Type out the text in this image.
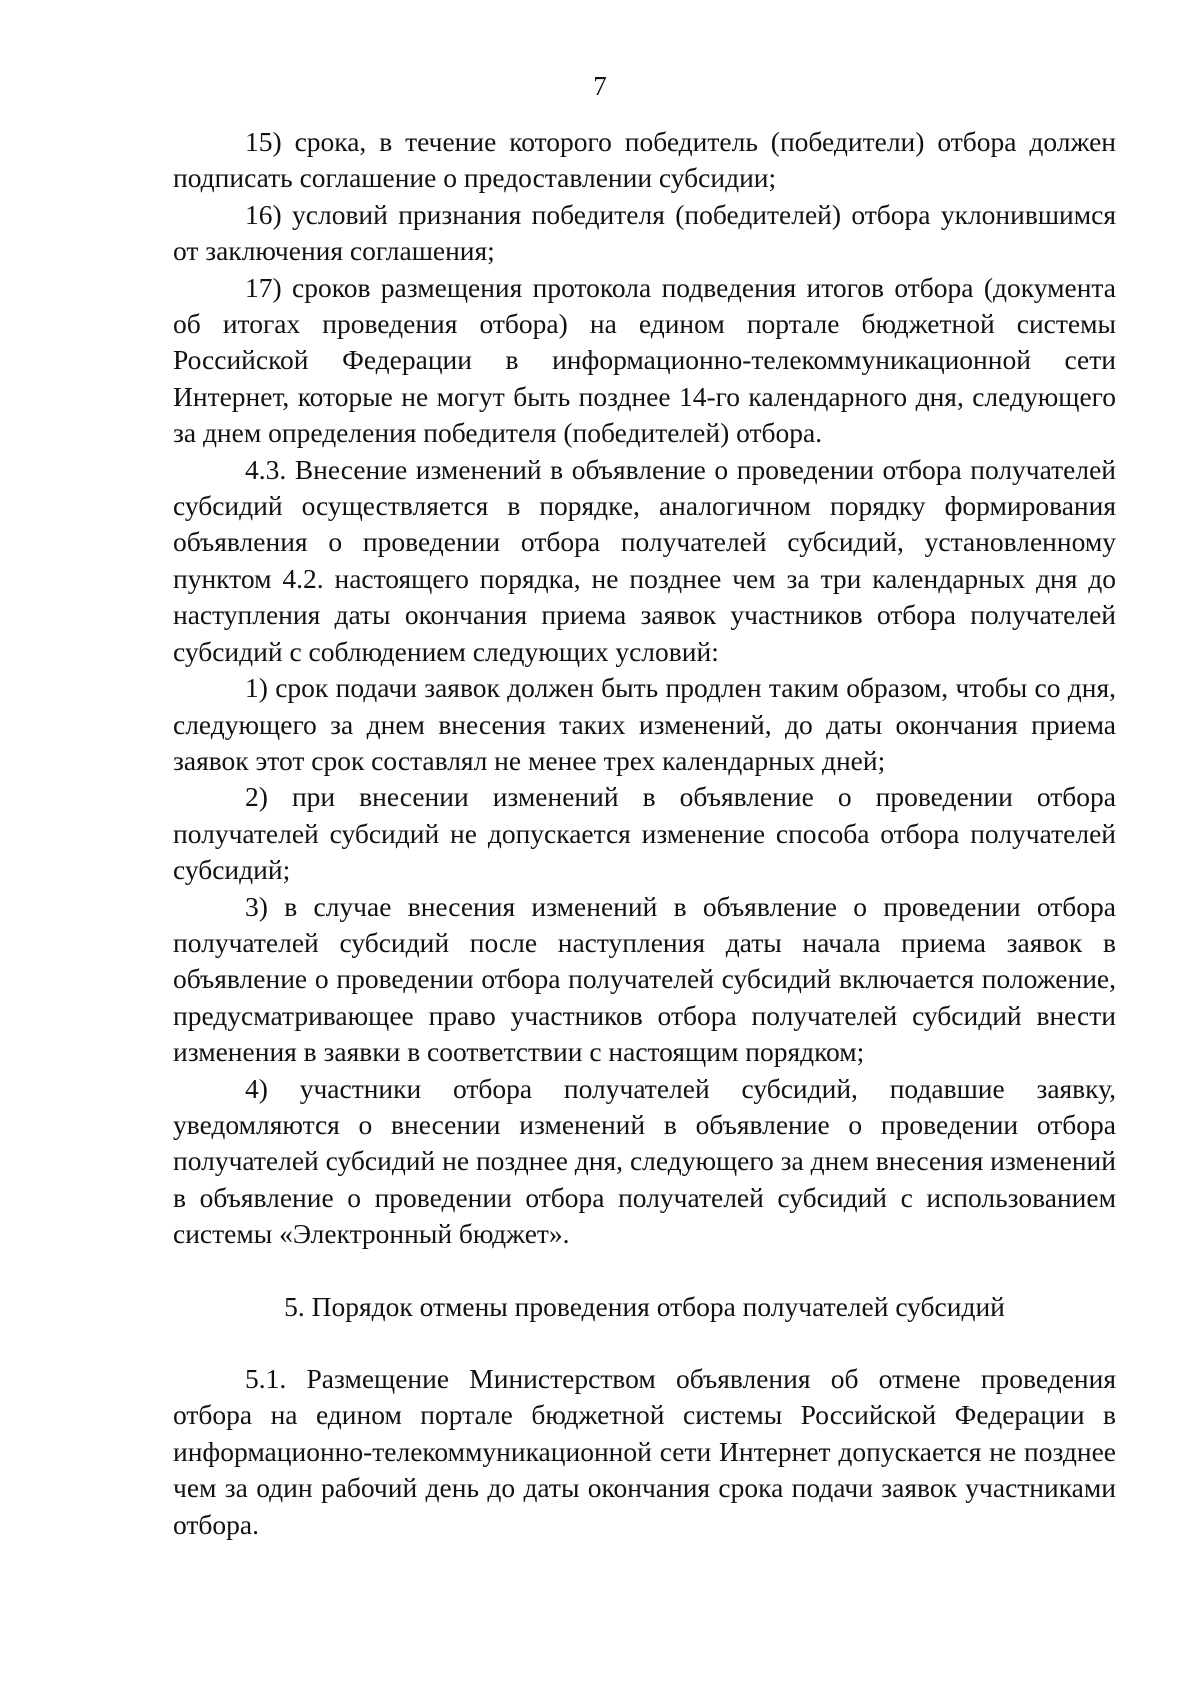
7

15) срока, в течение которого победитель (победители) отбора должен подписать соглашение о предоставлении субсидии;

16) условий признания победителя (победителей) отбора уклонившимся от заключения соглашения;

17) сроков размещения протокола подведения итогов отбора (документа об итогах проведения отбора) на едином портале бюджетной системы Российской Федерации в информационно-телекоммуникационной сети Интернет, которые не могут быть позднее 14-го календарного дня, следующего за днем определения победителя (победителей) отбора.

4.3. Внесение изменений в объявление о проведении отбора получателей субсидий осуществляется в порядке, аналогичном порядку формирования объявления о проведении отбора получателей субсидий, установленному пунктом 4.2. настоящего порядка, не позднее чем за три календарных дня до наступления даты окончания приема заявок участников отбора получателей субсидий с соблюдением следующих условий:

1) срок подачи заявок должен быть продлен таким образом, чтобы со дня, следующего за днем внесения таких изменений, до даты окончания приема заявок этот срок составлял не менее трех календарных дней;

2) при внесении изменений в объявление о проведении отбора получателей субсидий не допускается изменение способа отбора получателей субсидий;

3) в случае внесения изменений в объявление о проведении отбора получателей субсидий после наступления даты начала приема заявок в объявление о проведении отбора получателей субсидий включается положение, предусматривающее право участников отбора получателей субсидий внести изменения в заявки в соответствии с настоящим порядком;

4) участники отбора получателей субсидий, подавшие заявку, уведомляются о внесении изменений в объявление о проведении отбора получателей субсидий не позднее дня, следующего за днем внесения изменений в объявление о проведении отбора получателей субсидий с использованием системы «Электронный бюджет».

5. Порядок отмены проведения отбора получателей субсидий

5.1. Размещение Министерством объявления об отмене проведения отбора на едином портале бюджетной системы Российской Федерации в информационно-телекоммуникационной сети Интернет допускается не позднее чем за один рабочий день до даты окончания срока подачи заявок участниками отбора.
